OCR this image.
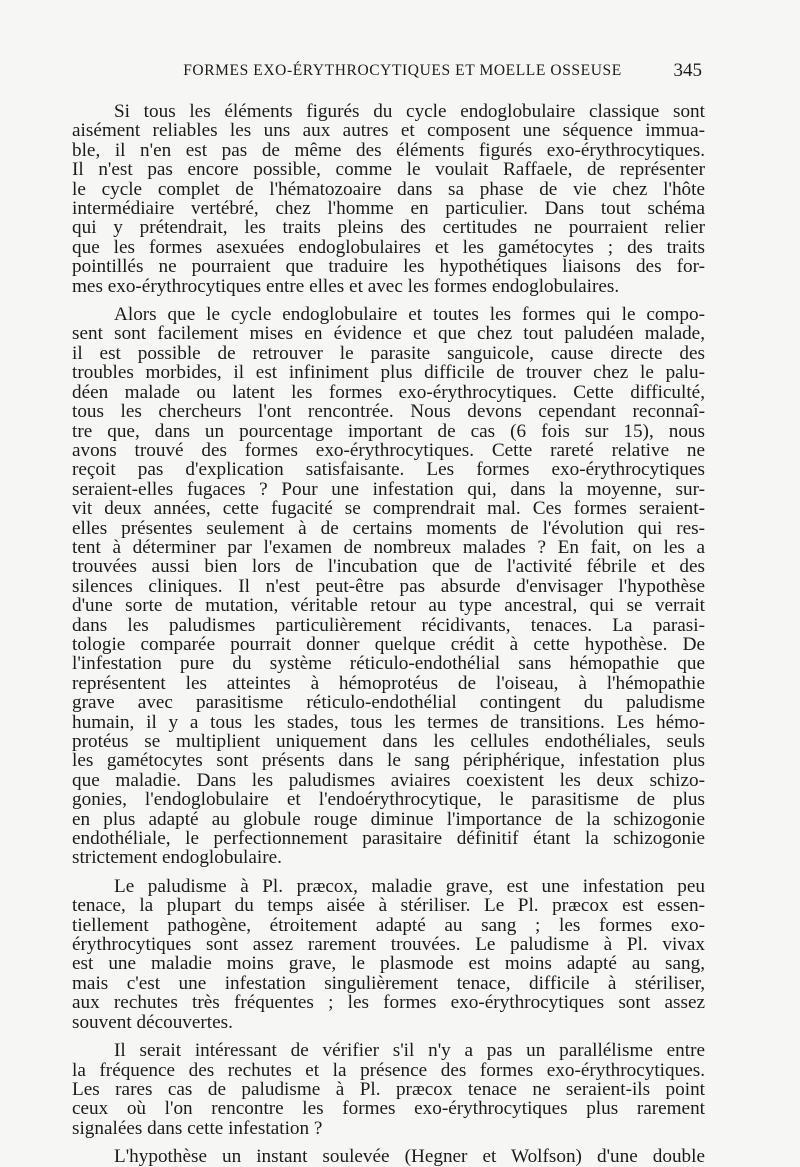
345
FORMES EXO-ÉRYTHROCYTIQUES ET MOELLE OSSEUSE
Si tous les éléments figurés du cycle endoglobulaire classique sont
aisément reliables les uns aux autres et composent une séquence immua-
ble, il n'en est pas de même des éléments figurés exo-érythrocytiques.
Il n'est pas encore possible, comme le voulait Raffaele, de représenter
le cycle complet de l'hématozoaire dans sa phase de vie chez l'hôte
intermédiaire vertébré, chez l'homme en particulier. Dans tout schéma
qui y prétendrait, les traits pleins des certitudes ne pourraient relier
que les formes asexuées endoglobulaires et les gamétocytes ; des traits
pointillés ne pourraient que traduire les hypothétiques liaisons des for-
mes exo-érythrocytiques entre elles et avec les formes endoglobulaires.
Alors que le cycle endoglobulaire et toutes les formes qui le compo-
sent sont facilement mises en évidence et que chez tout paludéen malade,
il est possible de retrouver le parasite sanguicole, cause directe des
troubles morbides, il est infiniment plus difficile de trouver chez le palu-
déen malade ou latent les formes exo-érythrocytiques. Cette difficulté,
tous les chercheurs l'ont rencontrée. Nous devons cependant reconnaî-
tre que, dans un pourcentage important de cas (6 fois sur 15), nous
avons trouvé des formes exo-érythrocytiques. Cette rareté relative ne
reçoit pas d'explication satisfaisante. Les formes exo-érythrocytiques
seraient-elles fugaces ? Pour une infestation qui, dans la moyenne, sur-
vit deux années, cette fugacité se comprendrait mal. Ces formes seraient-
elles présentes seulement à de certains moments de l'évolution qui res-
tent à déterminer par l'examen de nombreux malades ? En fait, on les a
trouvées aussi bien lors de l'incubation que de l'activité fébrile et des
silences cliniques. Il n'est peut-être pas absurde d'envisager l'hypothèse
d'une sorte de mutation, véritable retour au type ancestral, qui se verrait
dans les paludismes particulièrement récidivants, tenaces. La parasi-
tologie comparée pourrait donner quelque crédit à cette hypothèse. De
l'infestation pure du système réticulo-endothélial sans hémopathie que
représentent les atteintes à hémoprotéus de l'oiseau, à l'hémopathie
grave avec parasitisme réticulo-endothélial contingent du paludisme
humain, il y a tous les stades, tous les termes de transitions. Les hémo-
protéus se multiplient uniquement dans les cellules endothéliales, seuls
les gamétocytes sont présents dans le sang périphérique, infestation plus
que maladie. Dans les paludismes aviaires coexistent les deux schizo-
gonies, l'endoglobulaire et l'endoérythrocytique, le parasitisme de plus
en plus adapté au globule rouge diminue l'importance de la schizogonie
endothéliale, le perfectionnement parasitaire définitif étant la schizogonie
strictement endoglobulaire.
Le paludisme à Pl. præcox, maladie grave, est une infestation peu
tenace, la plupart du temps aisée à stériliser. Le Pl. præcox est essen-
tiellement pathogène, étroitement adapté au sang ; les formes exo-
érythrocytiques sont assez rarement trouvées. Le paludisme à Pl. vivax
est une maladie moins grave, le plasmode est moins adapté au sang,
mais c'est une infestation singulièrement tenace, difficile à stériliser,
aux rechutes très fréquentes ; les formes exo-érythrocytiques sont assez
souvent découvertes.
Il serait intéressant de vérifier s'il n'y a pas un parallélisme entre
la fréquence des rechutes et la présence des formes exo-érythrocytiques.
Les rares cas de paludisme à Pl. præcox tenace ne seraient-ils point
ceux où l'on rencontre les formes exo-érythrocytiques plus rarement
signalées dans cette infestation ?
L'hypothèse un instant soulevée (Hegner et Wolfson) d'une double
